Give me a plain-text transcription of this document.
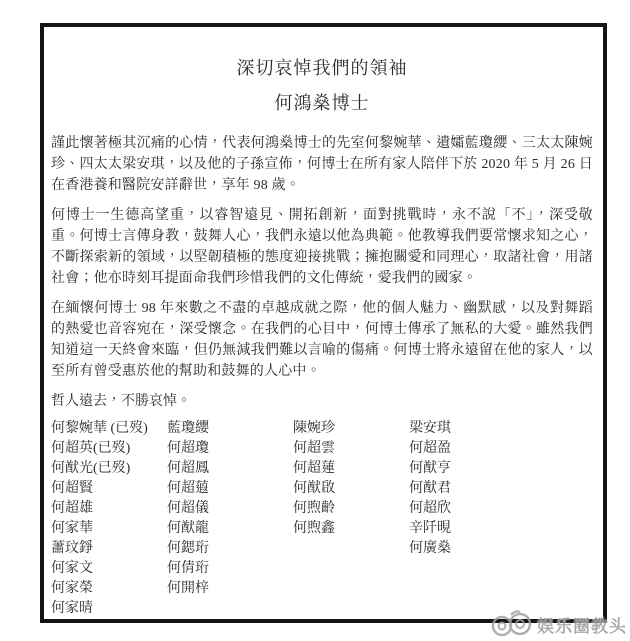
深切哀悼我們的領袖
何鴻燊博士

謹此懷著極其沉痛的心情，代表何鴻燊博士的先室何黎婉華、遺孀藍瓊纓、三太太陳婉珍、四太太梁安琪，以及他的子孫宣佈，何博士在所有家人陪伴下於 2020 年 5 月 26 日在香港養和醫院安詳辭世，享年 98 歲。

何博士一生德高望重，以睿智遠見、開拓創新，面對挑戰時，永不說「不」，深受敬重。何博士言傳身教，鼓舞人心，我們永遠以他為典範。他教導我們要常懷求知之心，不斷探索新的領域，以堅韌積極的態度迎接挑戰；擁抱關愛和同理心，取諸社會，用諸社會；他亦時刻耳提面命我們珍惜我們的文化傳統，愛我們的國家。

在緬懷何博士 98 年來數之不盡的卓越成就之際，他的個人魅力、幽默感，以及對舞蹈的熱愛也音容宛在，深受懷念。在我們的心目中，何博士傳承了無私的大愛。雖然我們知道這一天終會來臨，但仍無減我們難以言喻的傷痛。何博士將永遠留在他的家人，以至所有曾受惠於他的幫助和鼓舞的人心中。

哲人遠去，不勝哀悼。

何黎婉華 (已歿)
何超英(已歿)
何猷光(已歿)
何超賢
何超雄
何家華
蕭玟錚
何家文
何家榮
何家晴
藍瓊纓
何超瓊
何超鳳
何超蕸
何超儀
何猷龍
何鍶珩
何倩珩
何開梓
陳婉珍
何超雲
何超蓮
何猷啟
何煦齡
何煦鑫
梁安琪
何超盈
何猷亨
何猷君
何超欣
辛阡晛
何廣燊
娱乐圈教头
